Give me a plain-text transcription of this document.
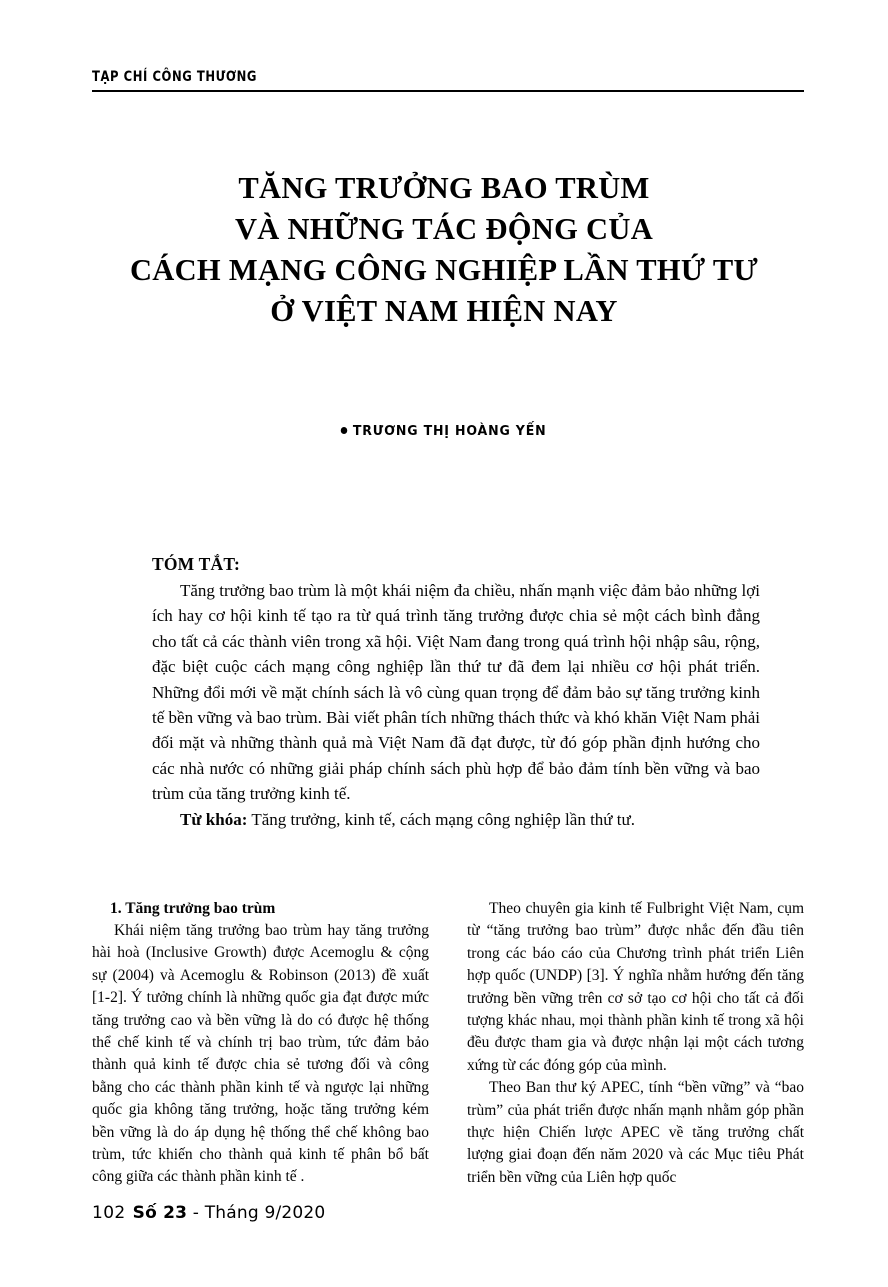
TẠP CHÍ CÔNG THƯƠNG
TĂNG TRƯỞNG BAO TRÙM
VÀ NHỮNG TÁC ĐỘNG CỦA
CÁCH MẠNG CÔNG NGHIỆP LẦN THỨ TƯ
Ở VIỆT NAM HIỆN NAY
TRƯƠNG THỊ HOÀNG YẾN
TÓM TẮT:

Tăng trưởng bao trùm là một khái niệm đa chiều, nhấn mạnh việc đảm bảo những lợi ích hay cơ hội kinh tế tạo ra từ quá trình tăng trưởng được chia sẻ một cách bình đẳng cho tất cả các thành viên trong xã hội. Việt Nam đang trong quá trình hội nhập sâu, rộng, đặc biệt cuộc cách mạng công nghiệp lần thứ tư đã đem lại nhiều cơ hội phát triển. Những đổi mới về mặt chính sách là vô cùng quan trọng để đảm bảo sự tăng trưởng kinh tế bền vững và bao trùm. Bài viết phân tích những thách thức và khó khăn Việt Nam phải đối mặt và những thành quả mà Việt Nam đã đạt được, từ đó góp phần định hướng cho các nhà nước có những giải pháp chính sách phù hợp để bảo đảm tính bền vững và bao trùm của tăng trưởng kinh tế.

Từ khóa: Tăng trưởng, kinh tế, cách mạng công nghiệp lần thứ tư.

1. Tăng trưởng bao trùm

Khái niệm tăng trưởng bao trùm hay tăng trưởng hài hoà (Inclusive Growth) được Acemoglu & cộng sự (2004) và Acemoglu & Robinson (2013) đề xuất [1-2]. Ý tưởng chính là những quốc gia đạt được mức tăng trưởng cao và bền vững là do có được hệ thống thể chế kinh tế và chính trị bao trùm, tức đảm bảo thành quả kinh tế được chia sẻ tương đối và công bằng cho các thành phần kinh tế và ngược lại những quốc gia không tăng trưởng, hoặc tăng trưởng kém bền vững là do áp dụng hệ thống thể chế không bao trùm, tức khiến cho thành quả kinh tế phân bổ bất công giữa các thành phần kinh tế .

Theo chuyên gia kinh tế Fulbright Việt Nam, cụm từ “tăng trưởng bao trùm” được nhắc đến đầu tiên trong các báo cáo của Chương trình phát triển Liên hợp quốc (UNDP) [3]. Ý nghĩa nhằm hướng đến tăng trưởng bền vững trên cơ sở tạo cơ hội cho tất cả đối tượng khác nhau, mọi thành phần kinh tế trong xã hội đều được tham gia và được nhận lại một cách tương xứng từ các đóng góp của mình.

Theo Ban thư ký APEC, tính “bền vững” và “bao trùm” của phát triển được nhấn mạnh nhằm góp phần thực hiện Chiến lược APEC về tăng trưởng chất lượng giai đoạn đến năm 2020 và các Mục tiêu Phát triển bền vững của Liên hợp quốc

102 Số 23 - Tháng 9/2020
